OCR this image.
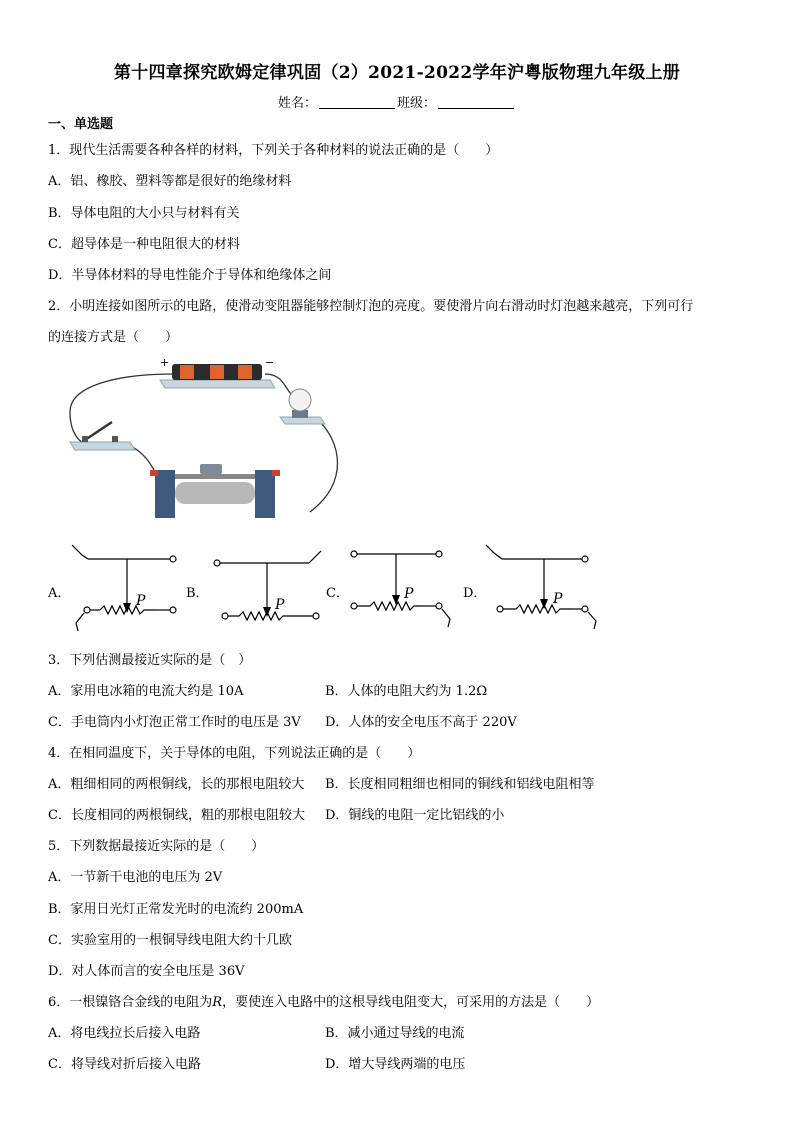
第十四章探究欧姆定律巩固（2）2021-2022学年沪粤版物理九年级上册
姓名：	班级：
一、单选题
1．现代生活需要各种各样的材料，下列关于各种材料的说法正确的是（　　）
A．铝、橡胶、塑料等都是很好的绝缘材料
B．导体电阻的大小只与材料有关
C．超导体是一种电阻很大的材料
D．半导体材料的导电性能介于导体和绝缘体之间
2．小明连接如图所示的电路，使滑动变阻器能够控制灯泡的亮度。要使滑片向右滑动时灯泡越来越亮，下列可行
的连接方式是（　　）
+	−
A．	B．	C．	D．
P	P
P	P
3．下列估测最接近实际的是（　）
A．家用电冰箱的电流大约是 10A	B．人体的电阻大约为 1.2Ω
C．手电筒内小灯泡正常工作时的电压是 3V D．人体的安全电压不高于 220V
4．在相同温度下，关于导体的电阻，下列说法正确的是（　　）
A．粗细相同的两根铜线，长的那根电阻较大 B．长度相同粗细也相同的铜线和铝线电阻相等
C．长度相同的两根铜线，粗的那根电阻较大 D．铜线的电阻一定比铝线的小
5．下列数据最接近实际的是（　　）
A．一节新干电池的电压为 2V
B．家用日光灯正常发光时的电流约 200mA
C．实验室用的一根铜导线电阻大约十几欧
D．对人体而言的安全电压是 36V
6．一根镍铬合金线的电阻为R，要使连入电路中的这根导线电阻变大，可采用的方法是（　　）
A．将电线拉长后接入电路	B．减小通过导线的电流
C．将导线对折后接入电路	D．增大导线两端的电压
